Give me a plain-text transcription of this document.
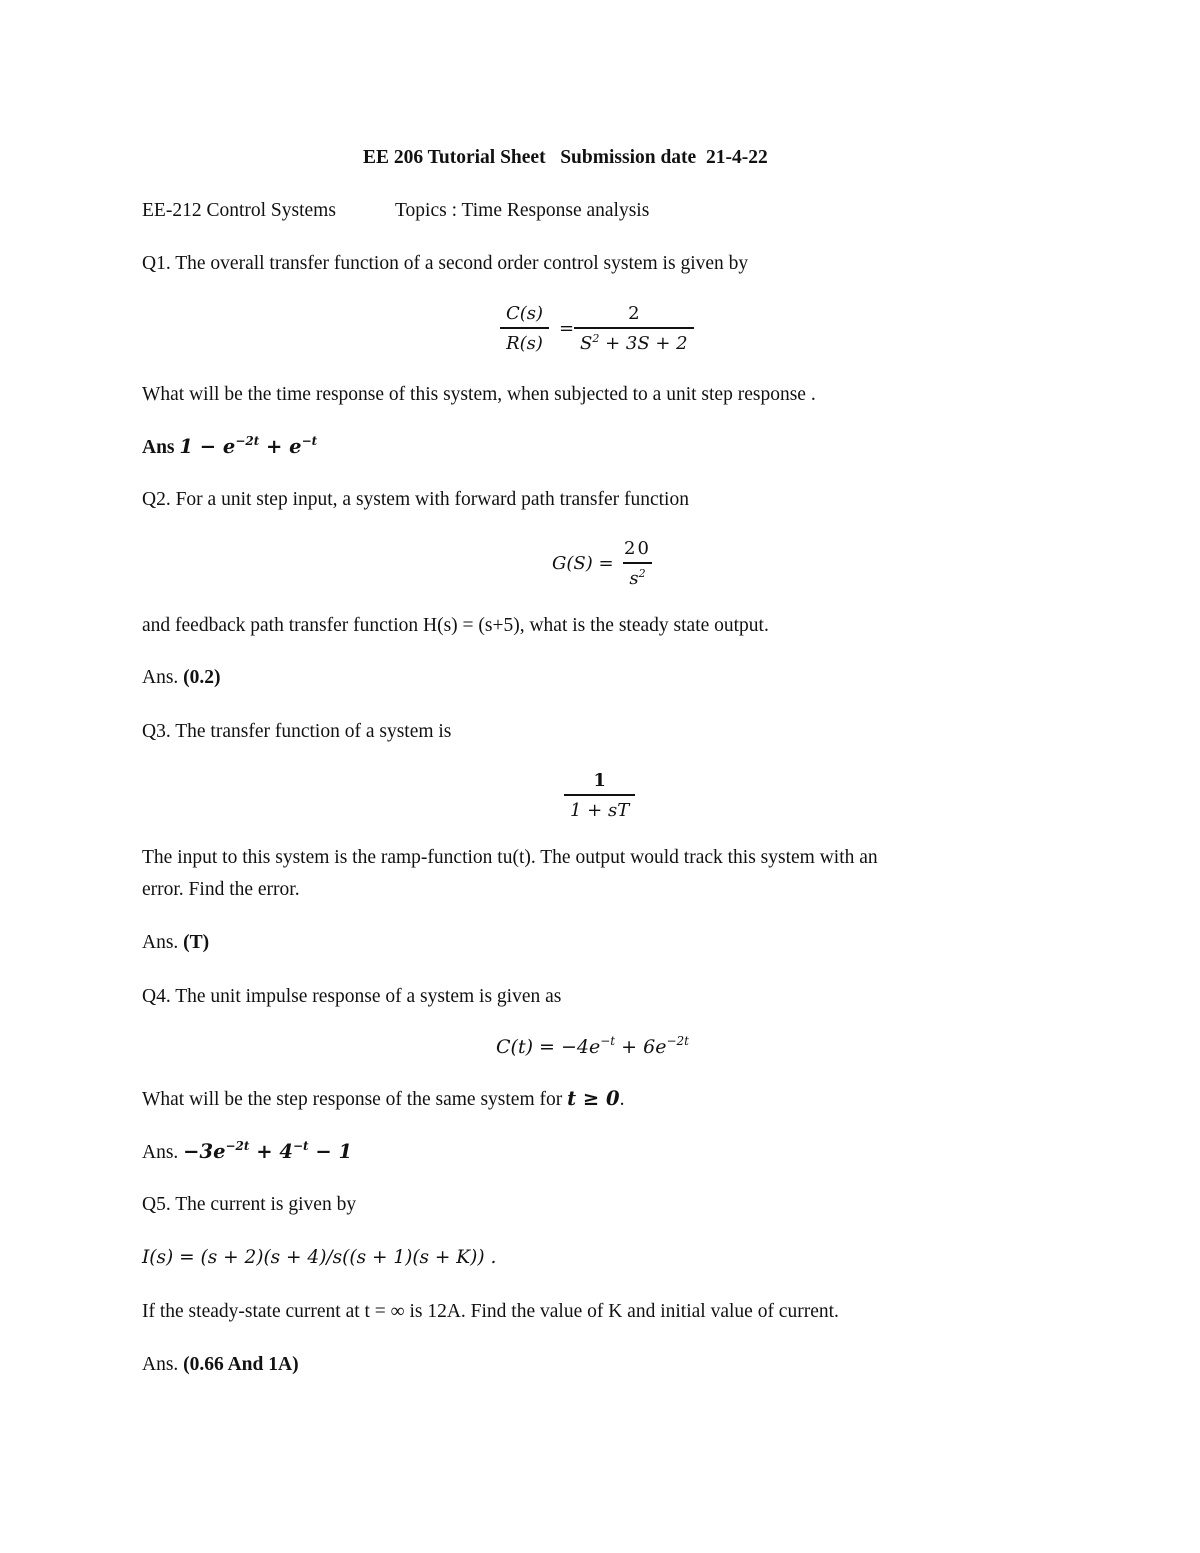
EE 206 Tutorial Sheet   Submission date  21-4-22
EE-212 Control Systems	Topics : Time Response analysis
Q1. The overall transfer function of a second order control system is given by
$\frac{C(s)}{R(s)} = \frac{2}{S^2 + 3S + 2}$
What will be the time response of this system, when subjected to a unit step response .
Ans $1 - e^{-2t} + e^{-t}$
Q2. For a unit step input, a system with forward path transfer function
$G(S) = \frac{20}{s^2}$
and feedback path transfer function H(s) = (s+5), what is the steady state output.
Ans. (0.2)
Q3. The transfer function of a system is
$\frac{1}{1 + sT}$
The input to this system is the ramp-function tu(t). The output would track this system with an
error. Find the error.
Ans. (T)
Q4. The unit impulse response of a system is given as
$C(t) = -4e^{-t} + 6e^{-2t}$
What will be the step response of the same system for t ≥ 0.
Ans. $-3e^{-2t} + 4^{-t} - 1$
Q5. The current is given by
I(s) = (s + 2)(s + 4)/s((s + 1)(s + K)) .
If the steady-state current at t = ∞ is 12A. Find the value of K and initial value of current.
Ans. (0.66 And 1A)
